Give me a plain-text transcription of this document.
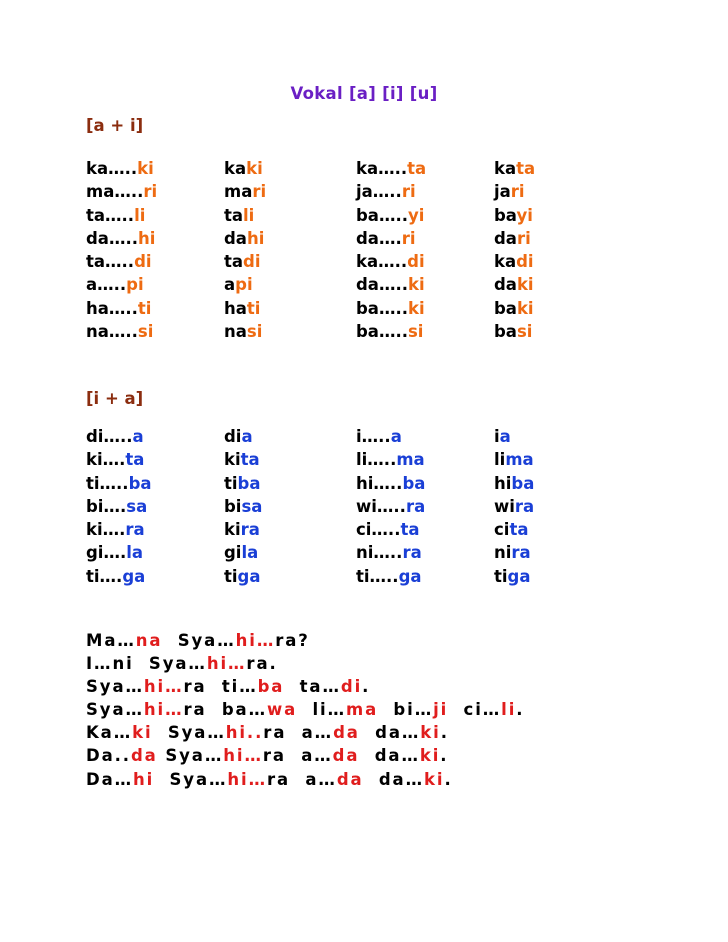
Vokal [a] [i] [u]
[a + i]
ka…..ki	kaki	ka…..ta	kata
ma…..ri	mari	ja…..ri	jari
ta…..li	tali	ba…..yi	bayi
da…..hi	dahi	da….ri	dari
ta…..di	tadi	ka…..di	kadi
a…..pi	api	da…..ki	daki
ha…..ti	hati	ba…..ki	baki
na…..si	nasi	ba…..si	basi
[i + a]
di…..a	dia	i…..a	ia
ki….ta	kita	li…..ma	lima
ti…..ba	tiba	hi…..ba	hiba
bi….sa	bisa	wi…..ra	wira
ki….ra	kira	ci…..ta	cita
gi….la	gila	ni…..ra	nira
ti….ga	tiga	ti…..ga	tiga
Ma…na  Sya…hi…ra?
I…ni  Sya…hi…ra.
Sya…hi…ra  ti…ba  ta…di.
Sya…hi…ra  ba…wa  li…ma  bi…ji  ci…li.
Ka…ki  Sya…hi..ra  a…da  da…ki.
Da..da Sya…hi…ra  a…da  da…ki.
Da…hi  Sya…hi…ra  a…da  da…ki.
